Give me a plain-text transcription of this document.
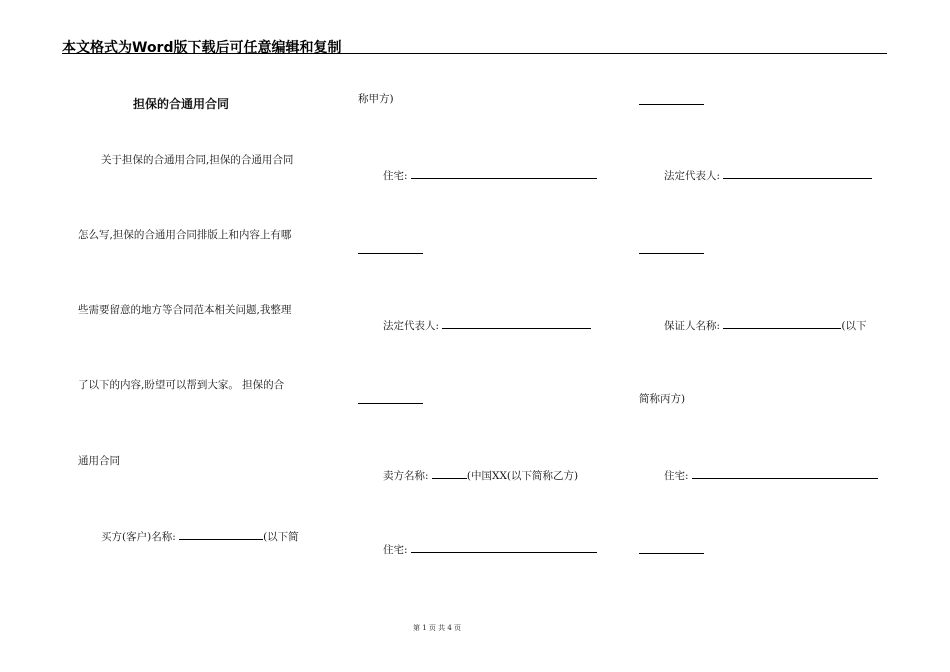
本文格式为Word版下载后可任意编辑和复制
担保的合通用合同
关于担保的合通用合同,担保的合通用合同
怎么写,担保的合通用合同排版上和内容上有哪
些需要留意的地方等合同范本相关问题,我整理
了以下的内容,盼望可以帮到大家。 担保的合
通用合同
买方(客户)名称:	(以下简
称甲方)
住宅:
法定代表人:
卖方名称:	(中国XX(以下简称乙方)
住宅:
法定代表人:
保证人名称:	(以下
简称丙方)
住宅:
第 1 页 共 4 页
